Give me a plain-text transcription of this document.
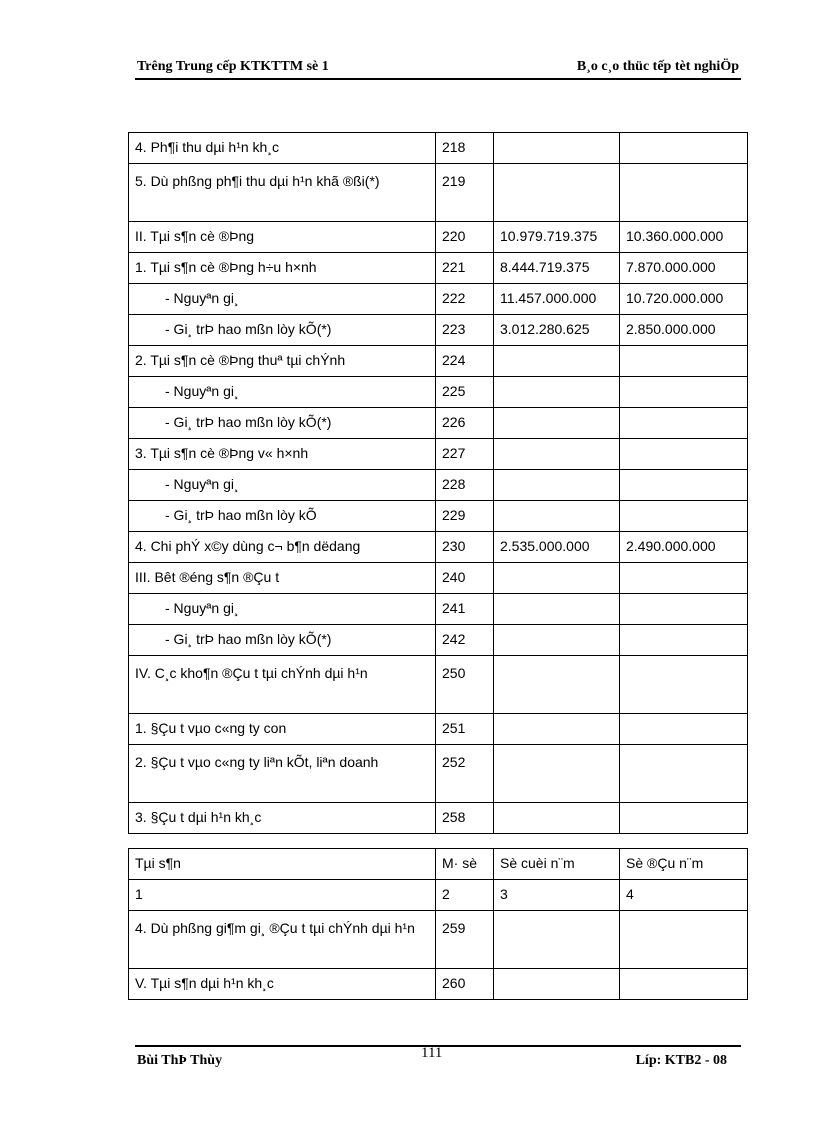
Trêng Trung cếp KTKTTM sè 1	B¸o c¸o thüc tếp tèt nghiÖp
4. Ph¶i thu dµi h¹n kh¸c	218		
5. Dù phßng ph¶i thu dµi h¹n khã ®ßi(*)	219		
II. Tµi s¶n cè ®Þng	220	10.979.719.375	10.360.000.000
1. Tµi s¶n cè ®Þng h÷u h×nh	221	8.444.719.375	7.870.000.000
- Nguyªn gi¸	222	11.457.000.000	10.720.000.000
- Gi¸ trÞ hao mßn lòy kÕ(*)	223	3.012.280.625	2.850.000.000
2. Tµi s¶n cè ®Þng thuª tµi chÝnh	224		
- Nguyªn gi¸	225		
- Gi¸ trÞ hao mßn lòy kÕ(*)	226		
3. Tµi s¶n cè ®Þng v« h×nh	227		
- Nguyªn gi¸	228		
- Gi¸ trÞ hao mßn lòy kÕ	229		
4. Chi phÝ x©y dùng c¬ b¶n dëdang	230	2.535.000.000	2.490.000.000
III. Bêt ®éng s¶n ®Çu t	240		
- Nguyªn gi¸	241		
- Gi¸ trÞ hao mßn lòy kÕ(*)	242		
IV. C¸c kho¶n ®Çu t tµi chÝnh dµi h¹n	250		
1. §Çu t vµo c«ng ty con	251		
2. §Çu t vµo c«ng ty liªn kÕt, liªn doanh	252		
3. §Çu t dµi h¹n kh¸c	258		
Tµi s¶n	M· sè	Sè cuèi n¨m	Sè ®Çu n¨m
1	2	3	4
4. Dù phßng gi¶m gi¸ ®Çu t tµi chÝnh dµi h¹n	259		
V. Tµi s¶n dµi h¹n kh¸c	260		
Bùi ThÞ Thùy	111	Líp: KTB2 - 08
